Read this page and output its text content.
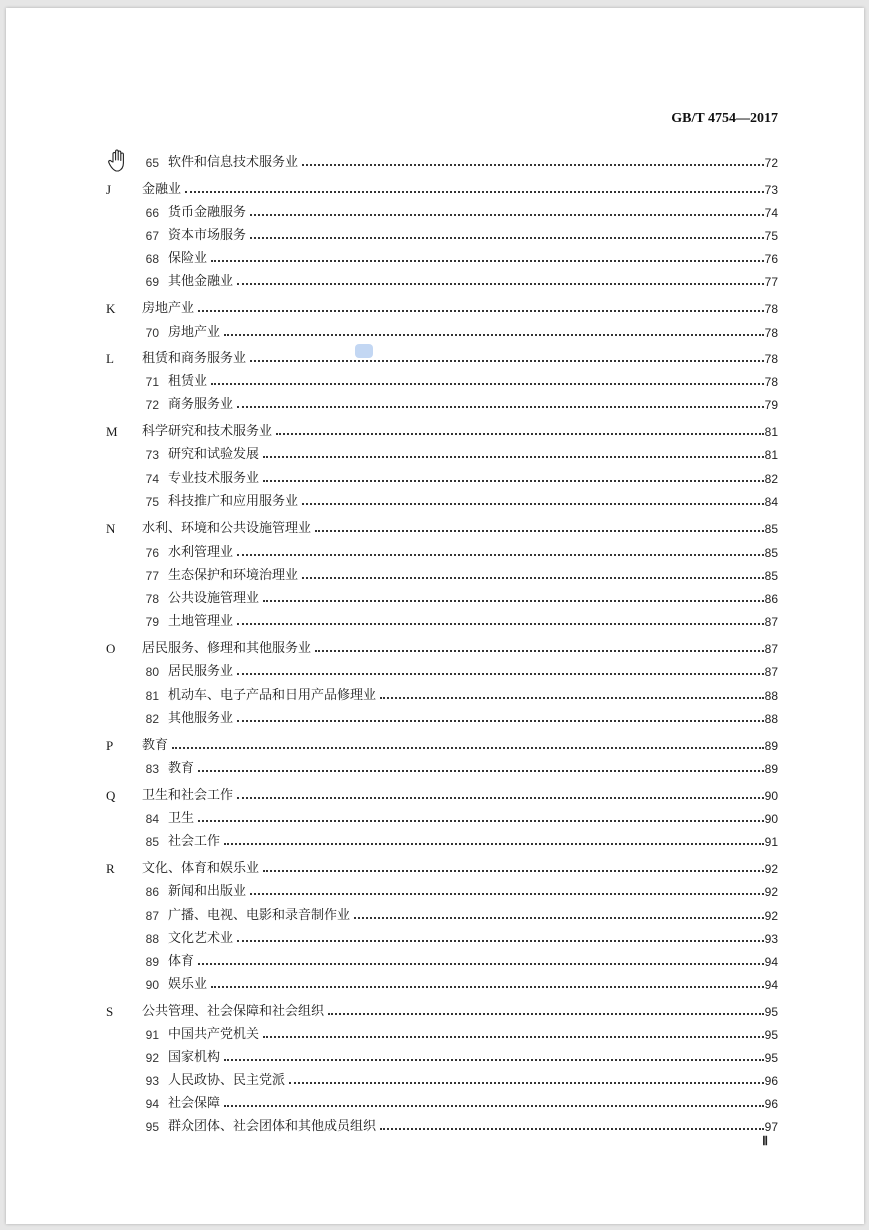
GB/T 4754—2017
65 软件和信息技术服务业	72
J	金融业	73
66 货币金融服务	74
67 资本市场服务	75
68 保险业	76
69 其他金融业	77
K	房地产业	78
70 房地产业	78
L	租赁和商务服务业	78
71 租赁业	78
72 商务服务业	79
M	科学研究和技术服务业	81
73 研究和试验发展	81
74 专业技术服务业	82
75 科技推广和应用服务业	84
N	水利、环境和公共设施管理业	85
76 水利管理业	85
77 生态保护和环境治理业	85
78 公共设施管理业	86
79 土地管理业	87
O	居民服务、修理和其他服务业	87
80 居民服务业	87
81 机动车、电子产品和日用产品修理业	88
82 其他服务业	88
P	教育	89
83 教育	89
Q	卫生和社会工作	90
84 卫生	90
85 社会工作	91
R	文化、体育和娱乐业	92
86 新闻和出版业	92
87 广播、电视、电影和录音制作业	92
88 文化艺术业	93
89 体育	94
90 娱乐业	94
S	公共管理、社会保障和社会组织	95
91 中国共产党机关	95
92 国家机构	95
93 人民政协、民主党派	96
94 社会保障	96
95 群众团体、社会团体和其他成员组织	97
Ⅱ
